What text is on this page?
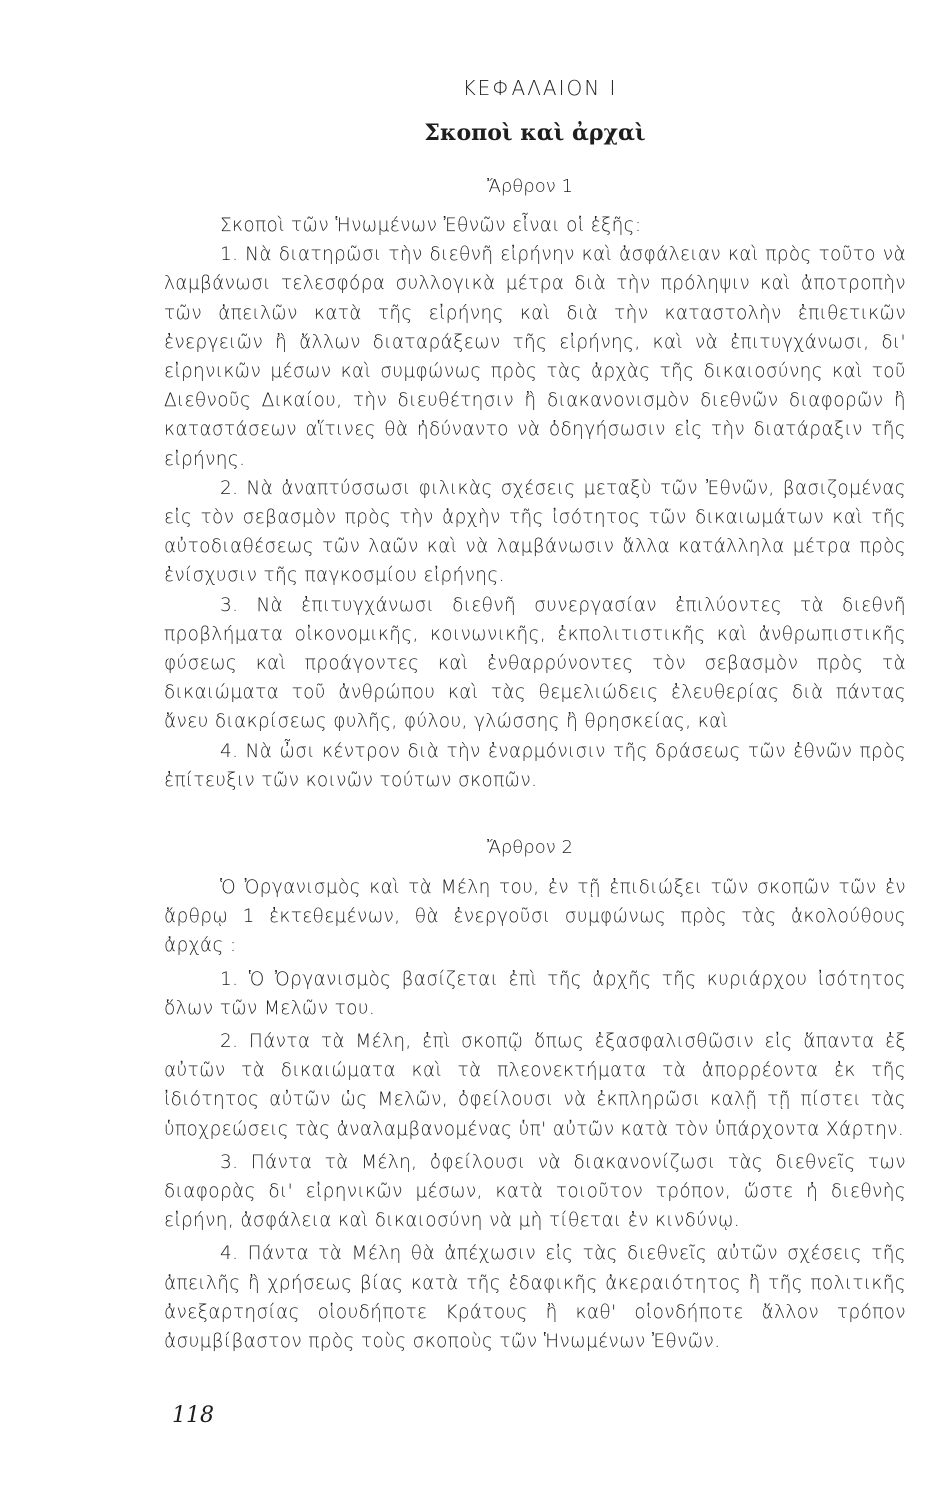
ΚΕΦΑΛΑΙΟΝ Ι
Σκοποὶ καὶ ἀρχαὶ
Ἄρθρον 1

Σκοποὶ τῶν Ἡνωμένων Ἐθνῶν εἶναι οἱ ἑξῆς:

1. Νὰ διατηρῶσι τὴν διεθνῆ εἰρήνην καὶ ἀσφάλειαν καὶ πρὸς τοῦτο νὰ λαμβάνωσι τελεσφόρα συλλογικὰ μέτρα διὰ τὴν πρόληψιν καὶ ἀποτροπὴν τῶν ἀπειλῶν κατὰ τῆς εἰρήνης καὶ διὰ τὴν καταστολὴν ἐπιθετικῶν ἐνεργειῶν ἢ ἄλλων διαταράξεων τῆς εἰρήνης, καὶ νὰ ἐπιτυγχάνωσι, δι' εἰρηνικῶν μέσων καὶ συμφώνως πρὸς τὰς ἀρχὰς τῆς δικαιοσύνης καὶ τοῦ Διεθνοῦς Δικαίου, τὴν διευθέτησιν ἢ διακανονισμὸν διεθνῶν διαφορῶν ἢ καταστάσεων αἵτινες θὰ ἠδύναντο νὰ ὁδηγήσωσιν εἰς τὴν διατάραξιν τῆς εἰρήνης.

2. Νὰ ἀναπτύσσωσι φιλικὰς σχέσεις μεταξὺ τῶν Ἐθνῶν, βασιζομένας εἰς τὸν σεβασμὸν πρὸς τὴν ἀρχὴν τῆς ἰσότητος τῶν δικαιωμάτων καὶ τῆς αὐτοδιαθέσεως τῶν λαῶν καὶ νὰ λαμβάνωσιν ἄλλα κατάλληλα μέτρα πρὸς ἐνίσχυσιν τῆς παγκοσμίου εἰρήνης.

3. Νὰ ἐπιτυγχάνωσι διεθνῆ συνεργασίαν ἐπιλύοντες τὰ διεθνῆ προβλήματα οἰκονομικῆς, κοινωνικῆς, ἐκπολιτιστικῆς καὶ ἀνθρωπιστικῆς φύσεως καὶ προάγοντες καὶ ἐνθαρρύνοντες τὸν σεβασμὸν πρὸς τὰ δικαιώματα τοῦ ἀνθρώπου καὶ τὰς θεμελιώδεις ἐλευθερίας διὰ πάντας ἄνευ διακρίσεως φυλῆς, φύλου, γλώσσης ἢ θρησκείας, καὶ

4. Νὰ ὦσι κέντρον διὰ τὴν ἐναρμόνισιν τῆς δράσεως τῶν ἐθνῶν πρὸς ἐπίτευξιν τῶν κοινῶν τούτων σκοπῶν.

Ἄρθρον 2

Ὁ Ὀργανισμὸς καὶ τὰ Μέλη του, ἐν τῇ ἐπιδιώξει τῶν σκοπῶν τῶν ἐν ἄρθρῳ 1 ἐκτεθεμένων, θὰ ἐνεργοῦσι συμφώνως πρὸς τὰς ἀκολούθους ἀρχάς :

1. Ὁ Ὀργανισμὸς βασίζεται ἐπὶ τῆς ἀρχῆς τῆς κυριάρχου ἰσότητος ὅλων τῶν Μελῶν του.

2. Πάντα τὰ Μέλη, ἐπὶ σκοπῷ ὅπως ἐξασφαλισθῶσιν εἰς ἅπαντα ἐξ αὐτῶν τὰ δικαιώματα καὶ τὰ πλεονεκτήματα τὰ ἀπορρέοντα ἐκ τῆς ἰδιότητος αὐτῶν ὡς Μελῶν, ὀφείλουσι νὰ ἐκπληρῶσι καλῇ τῇ πίστει τὰς ὑποχρεώσεις τὰς ἀναλαμβανομένας ὑπ' αὐτῶν κατὰ τὸν ὑπάρχοντα Χάρτην.

3. Πάντα τὰ Μέλη, ὀφείλουσι νὰ διακανονίζωσι τὰς διεθνεῖς των διαφορὰς δι' εἰρηνικῶν μέσων, κατὰ τοιοῦτον τρόπον, ὥστε ἡ διεθνὴς εἰρήνη, ἀσφάλεια καὶ δικαιοσύνη νὰ μὴ τίθεται ἐν κινδύνῳ.

4. Πάντα τὰ Μέλη θὰ ἀπέχωσιν εἰς τὰς διεθνεῖς αὐτῶν σχέσεις τῆς ἀπειλῆς ἢ χρήσεως βίας κατὰ τῆς ἐδαφικῆς ἀκεραιότητος ἢ τῆς πολιτικῆς ἀνεξαρτησίας οἱουδήποτε Κράτους ἢ καθ' οἱονδήποτε ἄλλον τρόπον ἀσυμβίβαστον πρὸς τοὺς σκοποὺς τῶν Ἡνωμένων Ἐθνῶν.

118
